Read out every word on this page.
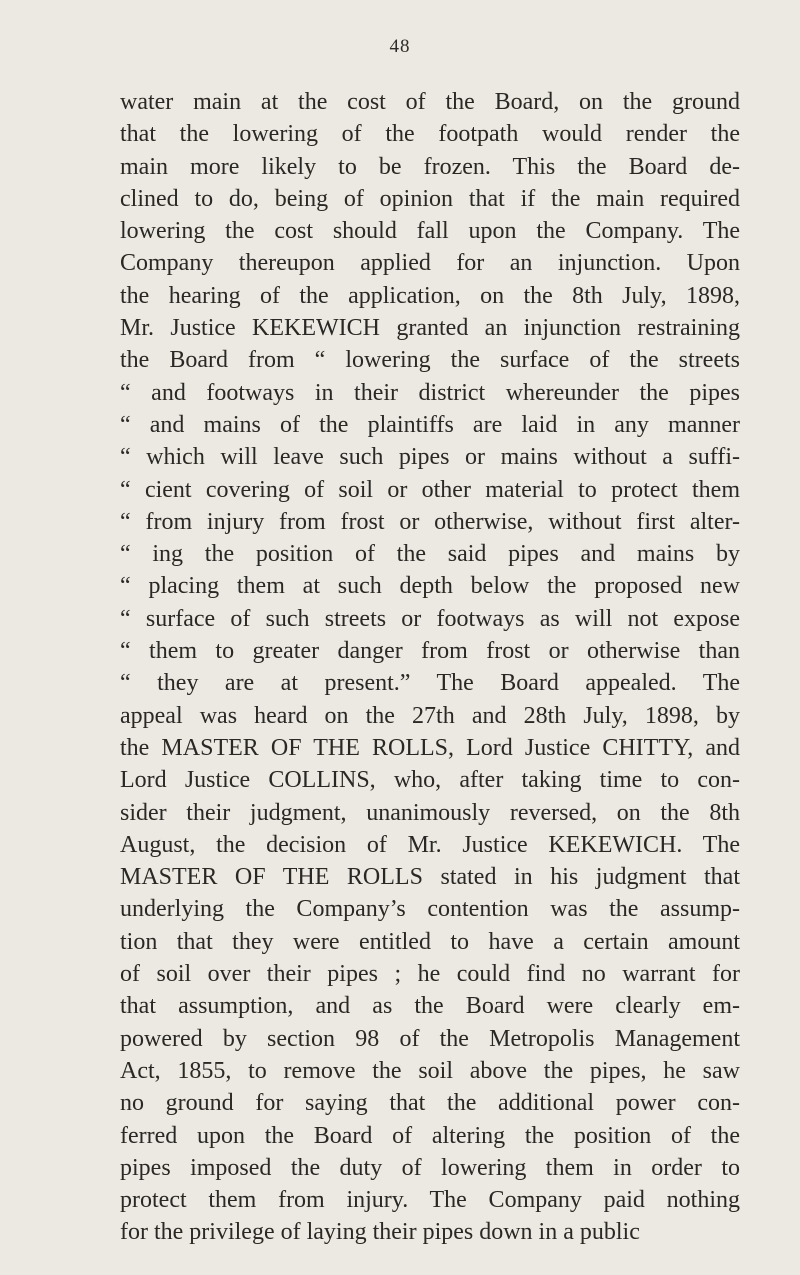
48
water main at the cost of the Board, on the ground
that the lowering of the footpath would render the
main more likely to be frozen. This the Board de-
clined to do, being of opinion that if the main required
lowering the cost should fall upon the Company. The
Company thereupon applied for an injunction. Upon
the hearing of the application, on the 8th July, 1898,
Mr. Justice KEKEWICH granted an injunction restraining
the Board from “ lowering the surface of the streets
“ and footways in their district whereunder the pipes
“ and mains of the plaintiffs are laid in any manner
“ which will leave such pipes or mains without a suffi-
“ cient covering of soil or other material to protect them
“ from injury from frost or otherwise, without first alter-
“ ing the position of the said pipes and mains by
“ placing them at such depth below the proposed new
“ surface of such streets or footways as will not expose
“ them to greater danger from frost or otherwise than
“ they are at present.” The Board appealed. The
appeal was heard on the 27th and 28th July, 1898, by
the MASTER OF THE ROLLS, Lord Justice CHITTY, and
Lord Justice COLLINS, who, after taking time to con-
sider their judgment, unanimously reversed, on the 8th
August, the decision of Mr. Justice KEKEWICH. The
MASTER OF THE ROLLS stated in his judgment that
underlying the Company’s contention was the assump-
tion that they were entitled to have a certain amount
of soil over their pipes ; he could find no warrant for
that assumption, and as the Board were clearly em-
powered by section 98 of the Metropolis Management
Act, 1855, to remove the soil above the pipes, he saw
no ground for saying that the additional power con-
ferred upon the Board of altering the position of the
pipes imposed the duty of lowering them in order to
protect them from injury. The Company paid nothing
for the privilege of laying their pipes down in a public
